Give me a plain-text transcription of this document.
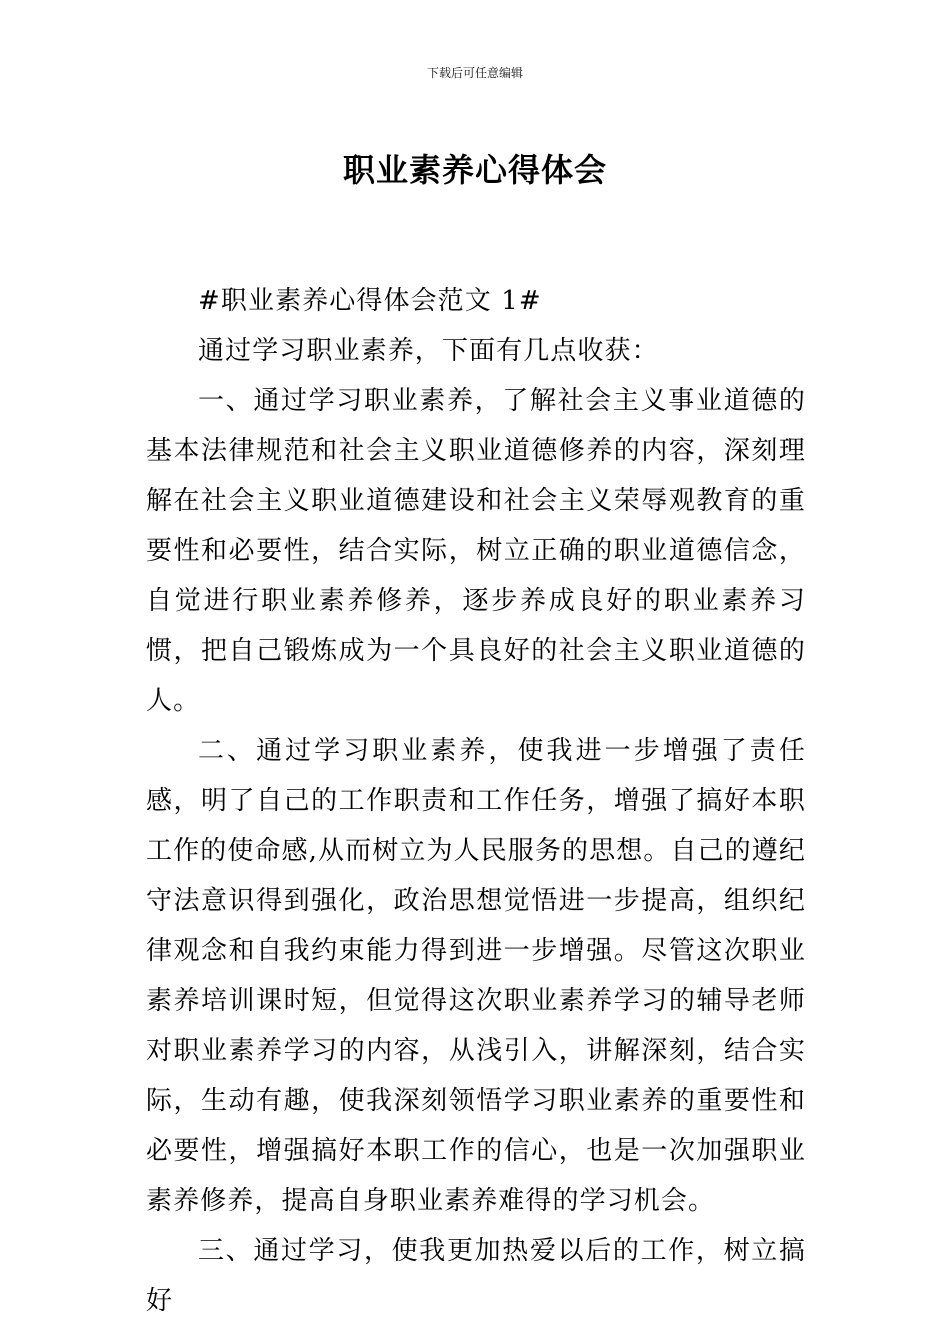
下载后可任意编辑
职业素养心得体会

#职业素养心得体会范文 1#

通过学习职业素养，下面有几点收获：

一、通过学习职业素养，了解社会主义事业道德的基本法律规范和社会主义职业道德修养的内容，深刻理解在社会主义职业道德建设和社会主义荣辱观教育的重要性和必要性，结合实际，树立正确的职业道德信念，自觉进行职业素养修养，逐步养成良好的职业素养习惯，把自己锻炼成为一个具良好的社会主义职业道德的人。

二、通过学习职业素养，使我进一步增强了责任感，明了自己的工作职责和工作任务，增强了搞好本职工作的使命感,从而树立为人民服务的思想。自己的遵纪守法意识得到强化，政治思想觉悟进一步提高，组织纪律观念和自我约束能力得到进一步增强。尽管这次职业素养培训课时短，但觉得这次职业素养学习的辅导老师对职业素养学习的内容，从浅引入，讲解深刻，结合实际，生动有趣，使我深刻领悟学习职业素养的重要性和必要性，增强搞好本职工作的信心，也是一次加强职业素养修养，提高自身职业素养难得的学习机会。

三、通过学习，使我更加热爱以后的工作，树立搞好
